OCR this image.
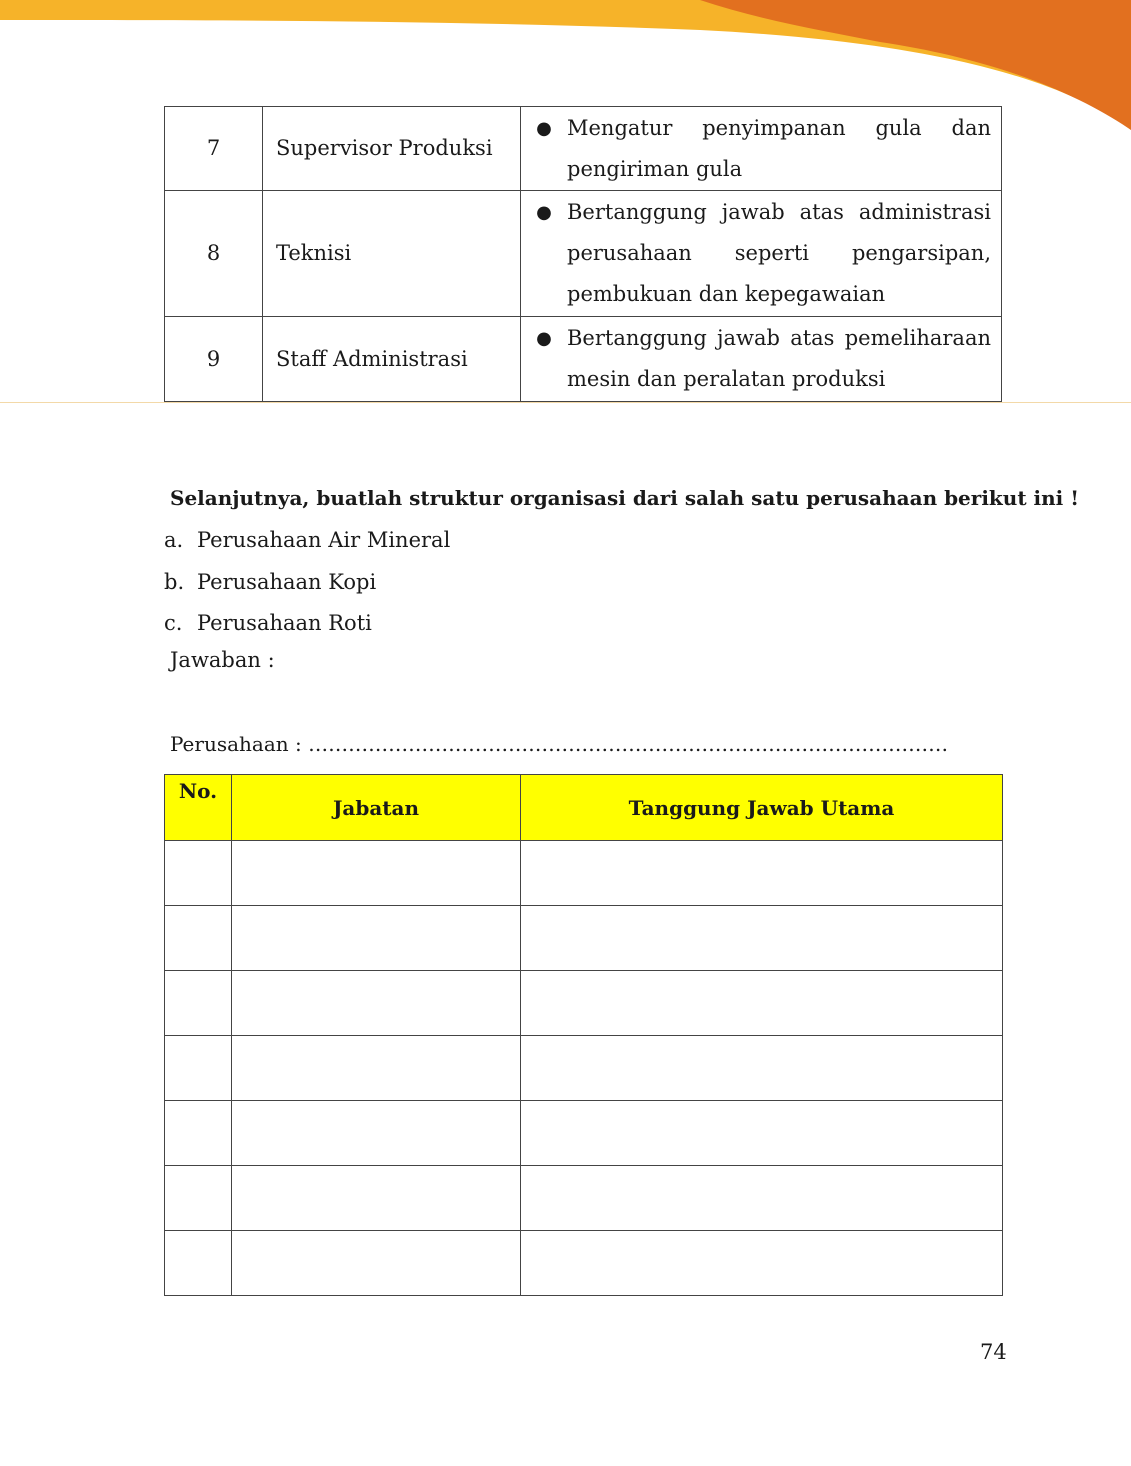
7	Supervisor Produksi	● Mengatur penyimpanan gula dan pengiriman gula

8	Teknisi	● Bertanggung jawab atas administrasi perusahaan seperti pengarsipan, pembukuan dan kepegawaian

9	Staff Administrasi	● Bertanggung jawab atas pemeliharaan mesin dan peralatan produksi
Selanjutnya, buatlah struktur organisasi dari salah satu perusahaan berikut ini !
a. Perusahaan Air Mineral
b. Perusahaan Kopi
c. Perusahaan Roti
Jawaban :
Perusahaan : ……………………………………………………………………………………
No.	Jabatan	Tanggung Jawab Utama

74
